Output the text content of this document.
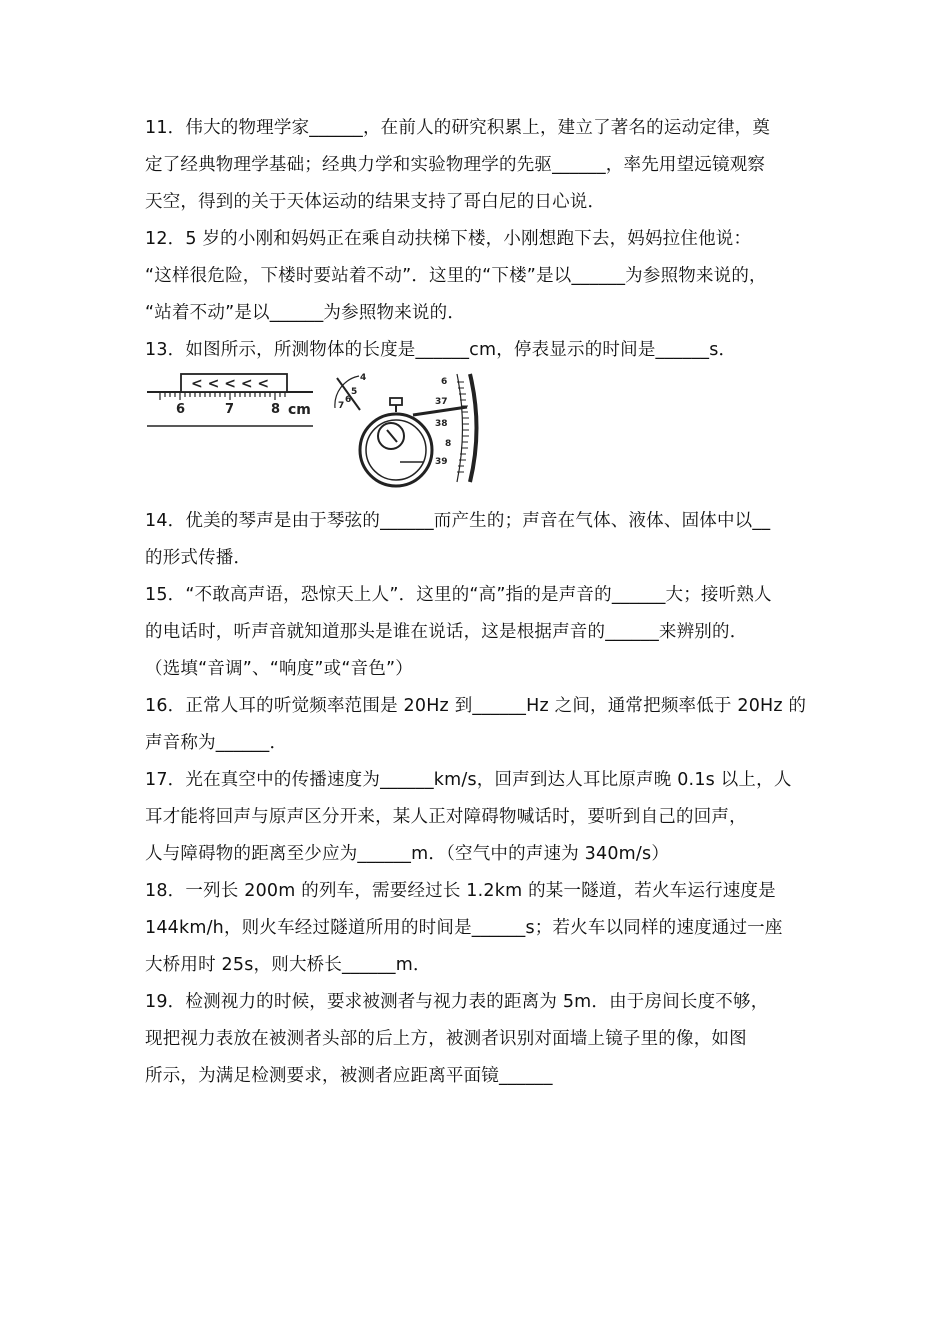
11．伟大的物理学家______，在前人的研究积累上，建立了著名的运动定律，奠
定了经典物理学基础；经典力学和实验物理学的先驱______，率先用望远镜观察
天空，得到的关于天体运动的结果支持了哥白尼的日心说．
12．5 岁的小刚和妈妈正在乘自动扶梯下楼，小刚想跑下去，妈妈拉住他说：
“这样很危险，下楼时要站着不动”．这里的“下楼”是以______为参照物来说的，
“站着不动”是以______为参照物来说的．
13．如图所示，所测物体的长度是______cm，停表显示的时间是______s．
6	7	8 cm
< < < < <	4
5
6
7
6
37
38
8
39
14．优美的琴声是由于琴弦的______而产生的；声音在气体、液体、固体中以__
的形式传播．
15．“不敢高声语，恐惊天上人”．这里的“高”指的是声音的______大；接听熟人
的电话时，听声音就知道那头是谁在说话，这是根据声音的______来辨别的．
（选填“音调”、“响度”或“音色”）
16．正常人耳的听觉频率范围是 20Hz 到______Hz 之间，通常把频率低于 20Hz 的
声音称为______．
17．光在真空中的传播速度为______km/s，回声到达人耳比原声晚 0.1s 以上，人
耳才能将回声与原声区分开来，某人正对障碍物喊话时，要听到自己的回声，
人与障碍物的距离至少应为______m．（空气中的声速为 340m/s）
18．一列长 200m 的列车，需要经过长 1.2km 的某一隧道，若火车运行速度是
144km/h，则火车经过隧道所用的时间是______s；若火车以同样的速度通过一座
大桥用时 25s，则大桥长______m．
19．检测视力的时候，要求被测者与视力表的距离为 5m．由于房间长度不够，
现把视力表放在被测者头部的后上方，被测者识别对面墙上镜子里的像，如图
所示，为满足检测要求，被测者应距离平面镜______
